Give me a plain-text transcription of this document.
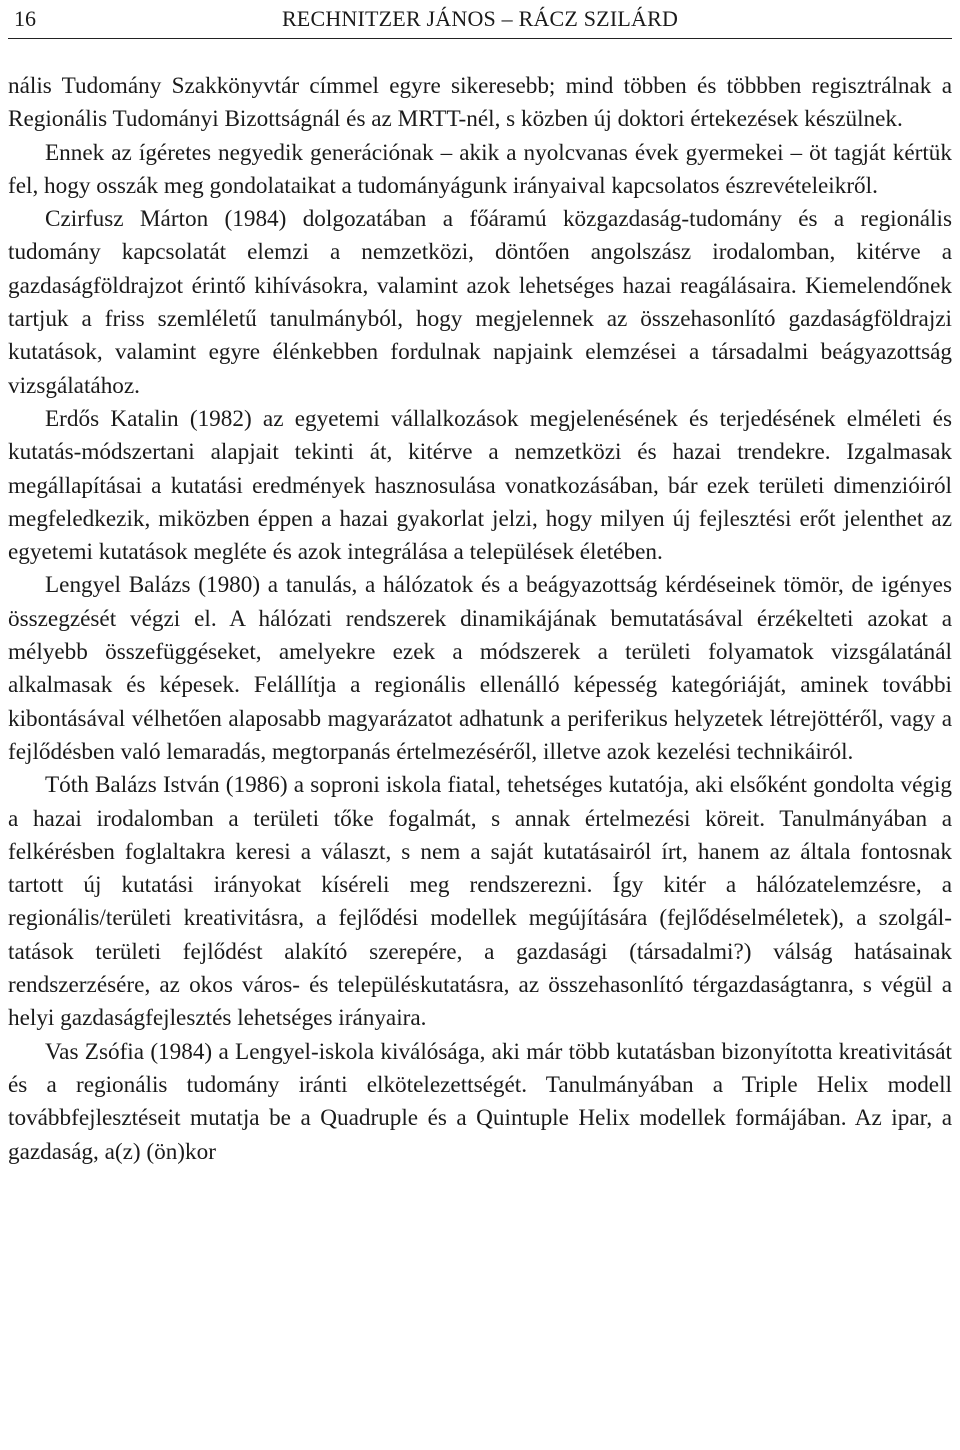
16	RECHNITZER JÁNOS – RÁCZ SZILÁRD

nális Tudomány Szakkönyvtár címmel egyre sikeresebb; mind többen és többben regisztrálnak a Regionális Tudományi Bizottságnál és az MRTT-nél, s közben új doktori értekezések készülnek.

Ennek az ígéretes negyedik generációnak – akik a nyolcvanas évek gyermekei – öt tagját kértük fel, hogy osszák meg gondolataikat a tudományágunk irányaival kapcsolatos észrevételeikről.

Czirfusz Márton (1984) dolgozatában a főáramú közgazdaság-tudomány és a regionális tudomány kapcsolatát elemzi a nemzetközi, döntően angolszász irodalomban, kitérve a gazdaságföldrajzot érintő kihívásokra, valamint azok lehetséges hazai reagálásaira. Kiemelendőnek tartjuk a friss szemléletű tanulmányból, hogy megjelennek az összehasonlító gazdaságföldrajzi kutatások, valamint egyre élénkebben fordulnak napjaink elemzései a társadalmi beágyazottság vizsgálatához.

Erdős Katalin (1982) az egyetemi vállalkozások megjelenésének és terjedésének elméleti és kutatás-módszertani alapjait tekinti át, kitérve a nemzetközi és hazai trendekre. Izgalmasak megállapításai a kutatási eredmények hasznosulása vonatkozásában, bár ezek területi dimenzióiról megfeledkezik, miközben éppen a hazai gyakorlat jelzi, hogy milyen új fejlesztési erőt jelenthet az egyetemi kutatások megléte és azok integrálása a települések életében.

Lengyel Balázs (1980) a tanulás, a hálózatok és a beágyazottság kérdéseinek tömör, de igényes összegzését végzi el. A hálózati rendszerek dinamikájának bemutatásával érzékelteti azokat a mélyebb összefüggéseket, amelyekre ezek a módszerek a területi folyamatok vizsgálatánál alkalmasak és képesek. Felállítja a regionális ellenálló képesség kategóriáját, aminek további kibontásával vélhetően alaposabb magyarázatot adhatunk a periferikus helyzetek létrejöttéről, vagy a fejlődésben való lemaradás, megtorpanás értelmezéséről, illetve azok kezelési technikáiról.

Tóth Balázs István (1986) a soproni iskola fiatal, tehetséges kutatója, aki elsőként gondolta végig a hazai irodalomban a területi tőke fogalmát, s annak értelmezési köreit. Tanulmányában a felkérésben foglaltakra keresi a választ, s nem a saját kutatásairól írt, hanem az általa fontosnak tartott új kutatási irányokat kíséreli meg rendszerezni. Így kitér a hálózatelemzésre, a regionális/területi kreativitásra, a fejlődési modellek megújítására (fejlődéselméletek), a szolgáltatások területi fejlődést alakító szerepére, a gazdasági (társadalmi?) válság hatásainak rendszerzésére, az okos város- és településkutatásra, az összehasonlító térgazdaságtanra, s végül a helyi gazdaságfejlesztés lehetséges irányaira.

Vas Zsófia (1984) a Lengyel-iskola kiválósága, aki már több kutatásban bizonyította kreativitását és a regionális tudomány iránti elkötelezettségét. Tanulmányában a Triple Helix modell továbbfejlesztéseit mutatja be a Quadruple és a Quintuple Helix modellek formájában. Az ipar, a gazdaság, a(z) (ön)kor
